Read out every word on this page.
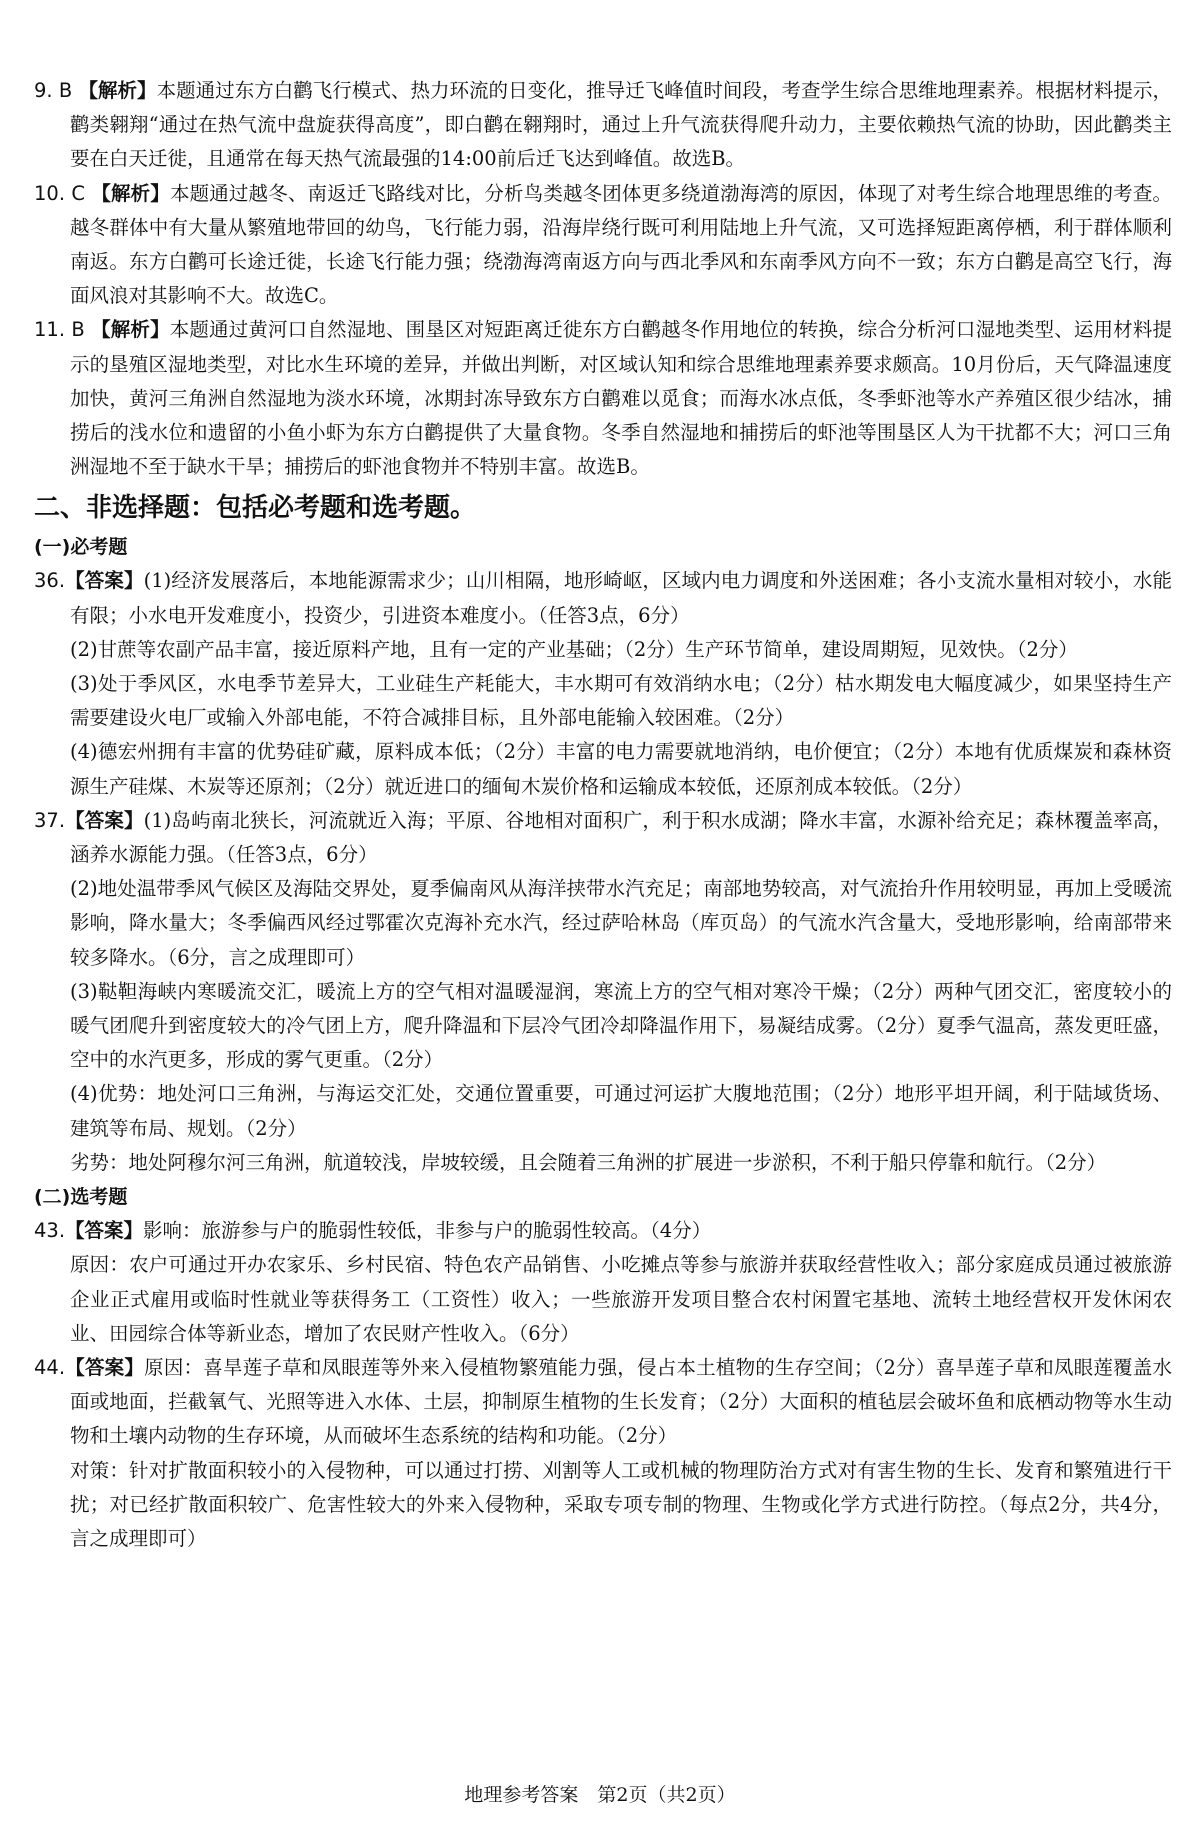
9. B 【解析】本题通过东方白鹳飞行模式、热力环流的日变化，推导迁飞峰值时间段，考查学生综合思维地理素养。根据材料提示，鹳类翱翔“通过在热气流中盘旋获得高度”，即白鹳在翱翔时，通过上升气流获得爬升动力，主要依赖热气流的协助，因此鹳类主要在白天迁徙，且通常在每天热气流最强的14:00前后迁飞达到峰值。故选B。

10. C 【解析】本题通过越冬、南返迁飞路线对比，分析鸟类越冬团体更多绕道渤海湾的原因，体现了对考生综合地理思维的考查。越冬群体中有大量从繁殖地带回的幼鸟，飞行能力弱，沿海岸绕行既可利用陆地上升气流，又可选择短距离停栖，利于群体顺利南返。东方白鹳可长途迁徙，长途飞行能力强；绕渤海湾南返方向与西北季风和东南季风方向不一致；东方白鹳是高空飞行，海面风浪对其影响不大。故选C。

11. B 【解析】本题通过黄河口自然湿地、围垦区对短距离迁徙东方白鹳越冬作用地位的转换，综合分析河口湿地类型、运用材料提示的垦殖区湿地类型，对比水生环境的差异，并做出判断，对区域认知和综合思维地理素养要求颇高。10月份后，天气降温速度加快，黄河三角洲自然湿地为淡水环境，冰期封冻导致东方白鹳难以觅食；而海水冰点低，冬季虾池等水产养殖区很少结冰，捕捞后的浅水位和遗留的小鱼小虾为东方白鹳提供了大量食物。冬季自然湿地和捕捞后的虾池等围垦区人为干扰都不大；河口三角洲湿地不至于缺水干旱；捕捞后的虾池食物并不特别丰富。故选B。

二、非选择题：包括必考题和选考题。
(一)必考题

36.【答案】(1)经济发展落后，本地能源需求少；山川相隔，地形崎岖，区域内电力调度和外送困难；各小支流水量相对较小，水能有限；小水电开发难度小，投资少，引进资本难度小。（任答3点，6分）

(2)甘蔗等农副产品丰富，接近原料产地，且有一定的产业基础；（2分）生产环节简单，建设周期短，见效快。（2分）

(3)处于季风区，水电季节差异大，工业硅生产耗能大，丰水期可有效消纳水电；（2分）枯水期发电大幅度减少，如果坚持生产需要建设火电厂或输入外部电能，不符合减排目标，且外部电能输入较困难。（2分）

(4)德宏州拥有丰富的优势硅矿藏，原料成本低；（2分）丰富的电力需要就地消纳，电价便宜；（2分）本地有优质煤炭和森林资源生产硅煤、木炭等还原剂；（2分）就近进口的缅甸木炭价格和运输成本较低，还原剂成本较低。（2分）

37.【答案】(1)岛屿南北狭长，河流就近入海；平原、谷地相对面积广，利于积水成湖；降水丰富，水源补给充足；森林覆盖率高，涵养水源能力强。（任答3点，6分）

(2)地处温带季风气候区及海陆交界处，夏季偏南风从海洋挟带水汽充足；南部地势较高，对气流抬升作用较明显，再加上受暖流影响，降水量大；冬季偏西风经过鄂霍次克海补充水汽，经过萨哈林岛（库页岛）的气流水汽含量大，受地形影响，给南部带来较多降水。（6分，言之成理即可）

(3)鞑靼海峡内寒暖流交汇，暖流上方的空气相对温暖湿润，寒流上方的空气相对寒冷干燥；（2分）两种气团交汇，密度较小的暖气团爬升到密度较大的冷气团上方，爬升降温和下层冷气团冷却降温作用下，易凝结成雾。（2分）夏季气温高，蒸发更旺盛，空中的水汽更多，形成的雾气更重。（2分）

(4)优势：地处河口三角洲，与海运交汇处，交通位置重要，可通过河运扩大腹地范围；（2分）地形平坦开阔，利于陆域货场、建筑等布局、规划。（2分）

劣势：地处阿穆尔河三角洲，航道较浅，岸坡较缓，且会随着三角洲的扩展进一步淤积，不利于船只停靠和航行。（2分）

(二)选考题

43.【答案】影响：旅游参与户的脆弱性较低，非参与户的脆弱性较高。（4分）

原因：农户可通过开办农家乐、乡村民宿、特色农产品销售、小吃摊点等参与旅游并获取经营性收入；部分家庭成员通过被旅游企业正式雇用或临时性就业等获得务工（工资性）收入；一些旅游开发项目整合农村闲置宅基地、流转土地经营权开发休闲农业、田园综合体等新业态，增加了农民财产性收入。（6分）

44.【答案】原因：喜旱莲子草和凤眼莲等外来入侵植物繁殖能力强，侵占本土植物的生存空间；（2分）喜旱莲子草和凤眼莲覆盖水面或地面，拦截氧气、光照等进入水体、土层，抑制原生植物的生长发育；（2分）大面积的植毡层会破坏鱼和底栖动物等水生动物和土壤内动物的生存环境，从而破坏生态系统的结构和功能。（2分）

对策：针对扩散面积较小的入侵物种，可以通过打捞、刈割等人工或机械的物理防治方式对有害生物的生长、发育和繁殖进行干扰；对已经扩散面积较广、危害性较大的外来入侵物种，采取专项专制的物理、生物或化学方式进行防控。（每点2分，共4分，言之成理即可）

地理参考答案　第2页（共2页）
